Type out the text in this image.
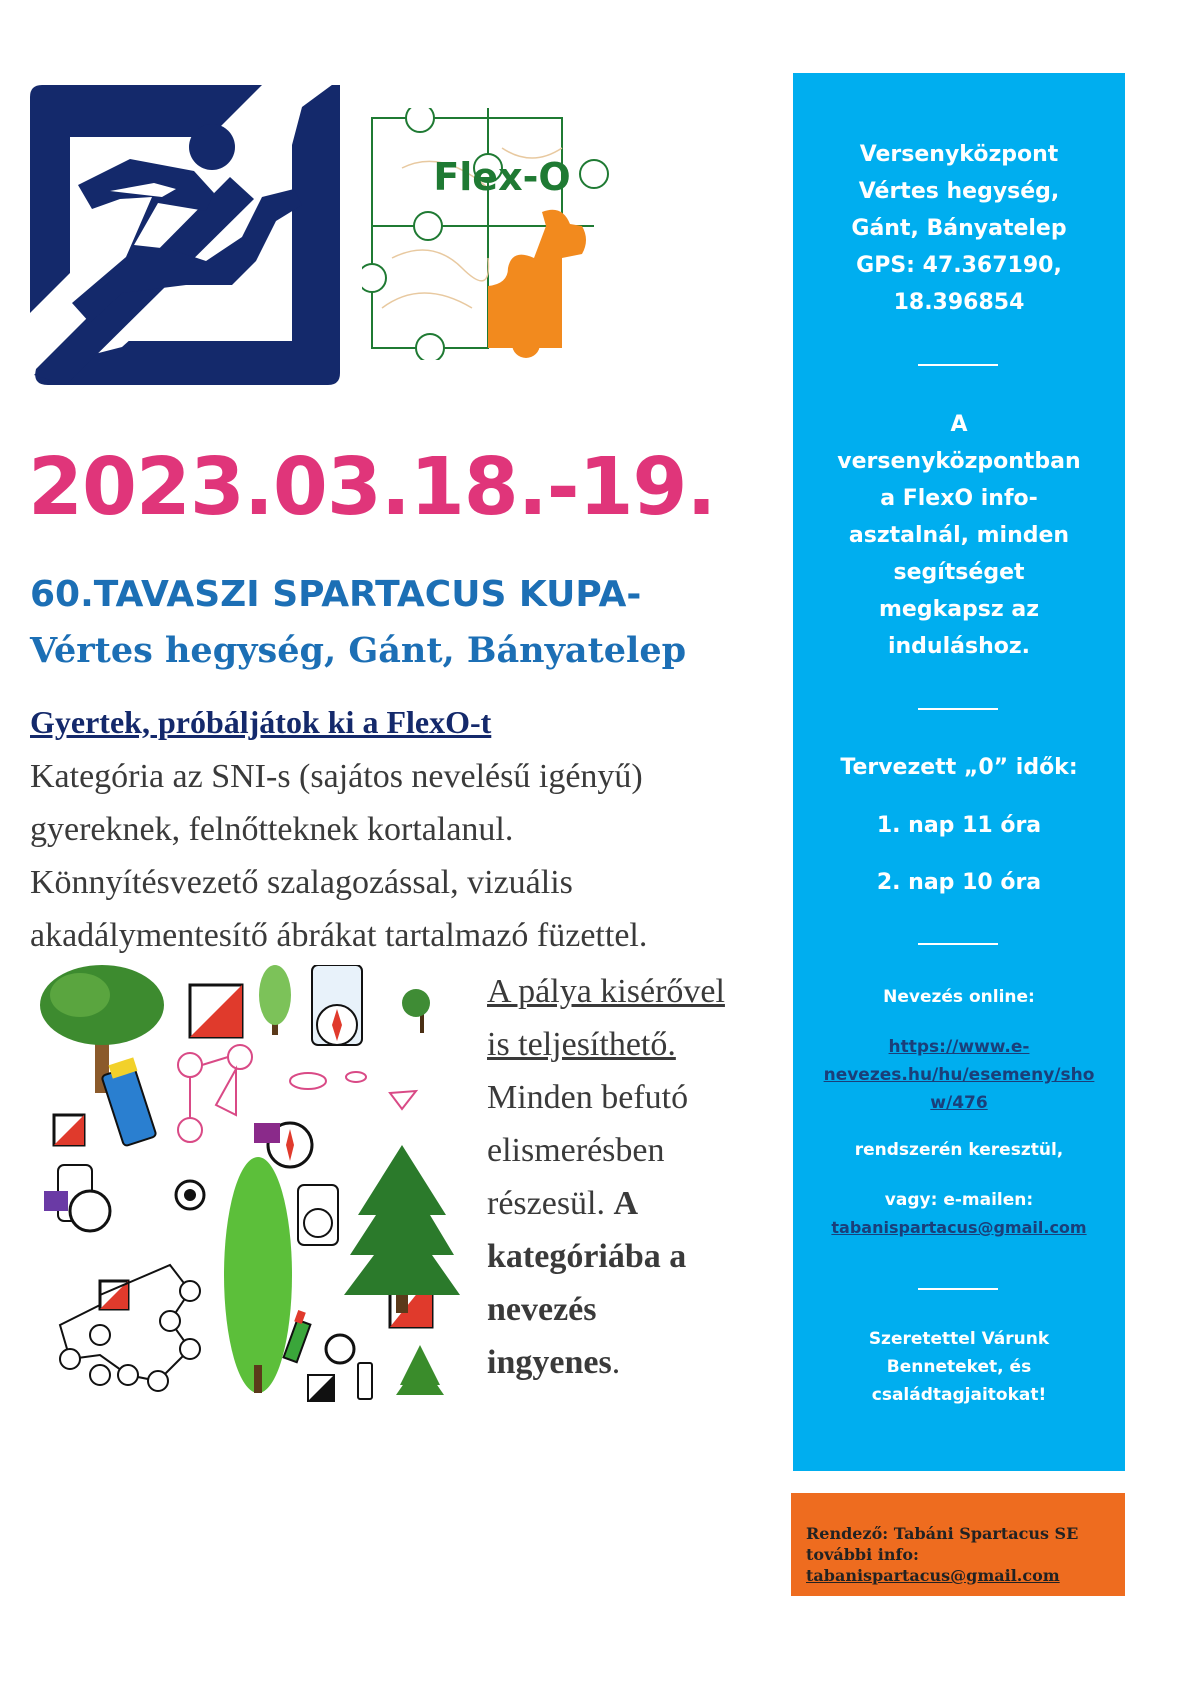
Flex-O
2023.03.18.-19.
60.TAVASZI SPARTACUS KUPA-
Vértes hegység, Gánt, Bányatelep
Gyertek, próbáljátok ki a FlexO-t
Kategória az SNI-s (sajátos nevelésű igényű)
gyereknek, felnőtteknek kortalanul.
Könnyítésvezető szalagozással, vizuális
akadálymentesítő ábrákat tartalmazó füzettel.
A pálya kisérővel
is teljesíthető.
Minden befutó
elismerésben
részesül. A
kategóriába a
nevezés
ingyenes.
Versenyközpont
Vértes hegység,
Gánt, Bányatelep
GPS: 47.367190,
18.396854
A
versenyközpontban
a FlexO info-
asztalnál, minden
segítséget
megkapsz az
induláshoz.
Tervezett „0” idők:
1. nap 11 óra
2. nap 10 óra
Nevezés online:
https://www.e-
nevezes.hu/hu/esemeny/sho
w/476
rendszerén keresztül,
vagy: e-mailen:
tabanispartacus@gmail.com
Szeretettel Várunk
Benneteket, és
családtagjaitokat!
Rendező: Tabáni Spartacus SE
további info:
tabanispartacus@gmail.com
